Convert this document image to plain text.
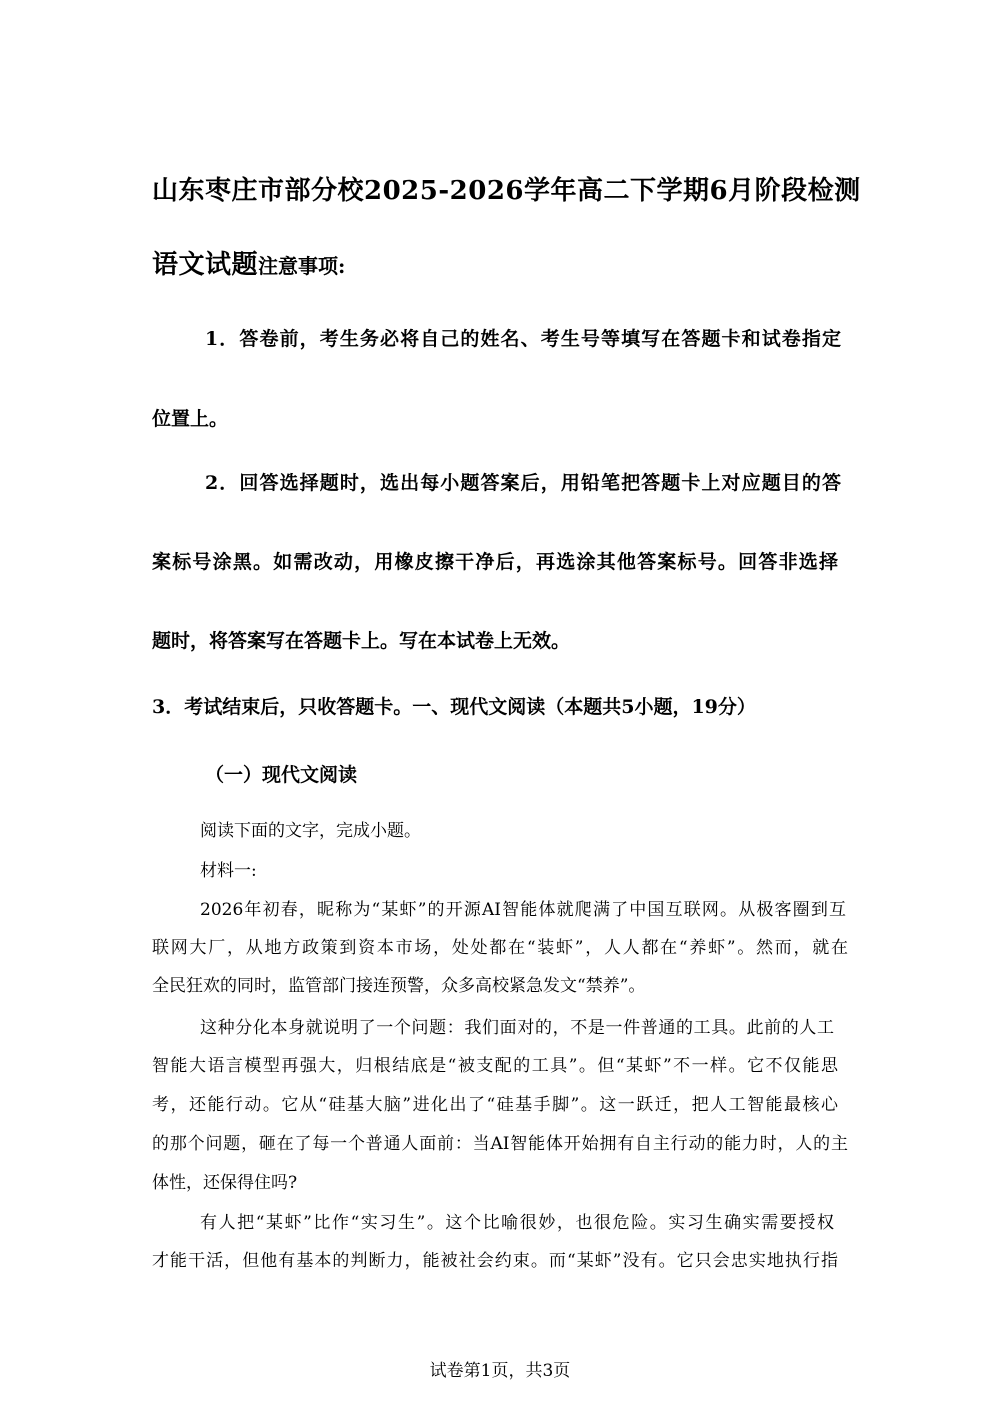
山东枣庄市部分校2025-2026学年高二下学期6月阶段检测
语文试题注意事项:
1．答卷前，考生务必将自己的姓名、考生号等填写在答题卡和试卷指定
位置上。
2．回答选择题时，选出每小题答案后，用铅笔把答题卡上对应题目的答
案标号涂黑。如需改动，用橡皮擦干净后，再选涂其他答案标号。回答非选择
题时，将答案写在答题卡上。写在本试卷上无效。
3．考试结束后，只收答题卡。一、现代文阅读（本题共5小题，19分）
（一）现代文阅读
阅读下面的文字，完成小题。
材料一:
2026年初春，昵称为“某虾”的开源AI智能体就爬满了中国互联网。从极客圈到互
联网大厂，从地方政策到资本市场，处处都在“装虾”，人人都在“养虾”。然而，就在
全民狂欢的同时，监管部门接连预警，众多高校紧急发文“禁养”。
这种分化本身就说明了一个问题：我们面对的，不是一件普通的工具。此前的人工
智能大语言模型再强大，归根结底是“被支配的工具”。但“某虾”不一样。它不仅能思
考，还能行动。它从“硅基大脑”进化出了“硅基手脚”。这一跃迁，把人工智能最核心
的那个问题，砸在了每一个普通人面前：当AI智能体开始拥有自主行动的能力时，人的主
体性，还保得住吗?
有人把“某虾”比作“实习生”。这个比喻很妙，也很危险。实习生确实需要授权
才能干活，但他有基本的判断力，能被社会约束。而“某虾”没有。它只会忠实地执行指
试卷第1页，共3页
